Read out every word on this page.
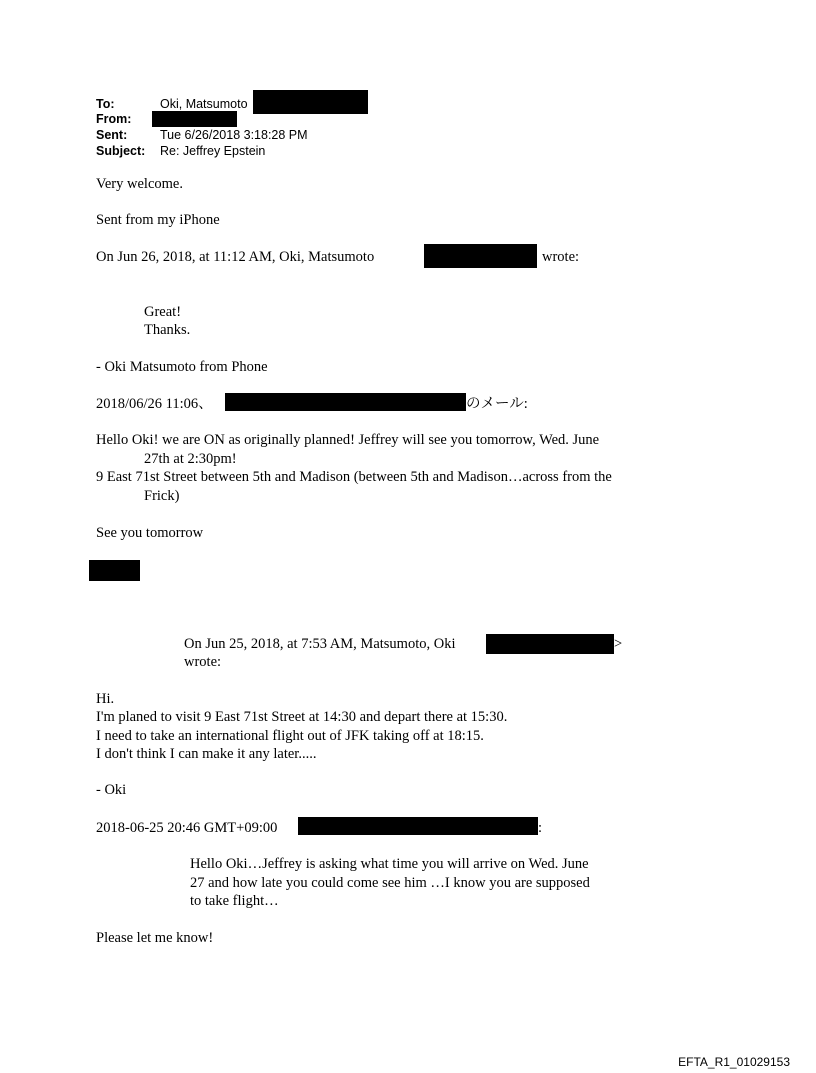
To:	Oki, Matsumoto
From:
Sent:	Tue 6/26/2018 3:18:28 PM
Subject: Re: Jeffrey Epstein
Very welcome.
Sent from my iPhone
On Jun 26, 2018, at 11:12 AM, Oki, Matsumoto	wrote:
Great!
Thanks.
- Oki Matsumoto from Phone
2018/06/26 11:06、	のメール:
Hello Oki! we are ON as originally planned! Jeffrey will see you tomorrow, Wed. June
27th at 2:30pm!
9 East 71st Street between 5th and Madison (between 5th and Madison…across from the
Frick)
See you tomorrow
On Jun 25, 2018, at 7:53 AM, Matsumoto, Oki	>
wrote:
Hi.
I'm planed to visit 9 East 71st Street at 14:30 and depart there at 15:30.
I need to take an international flight out of JFK taking off at 18:15.
I don't think I can make it any later.....
- Oki
2018-06-25 20:46 GMT+09:00	:
Hello Oki…Jeffrey is asking what time you will arrive on Wed. June
27 and how late you could come see him …I know you are supposed
to take flight…
Please let me know!
EFTA_R1_01029153
